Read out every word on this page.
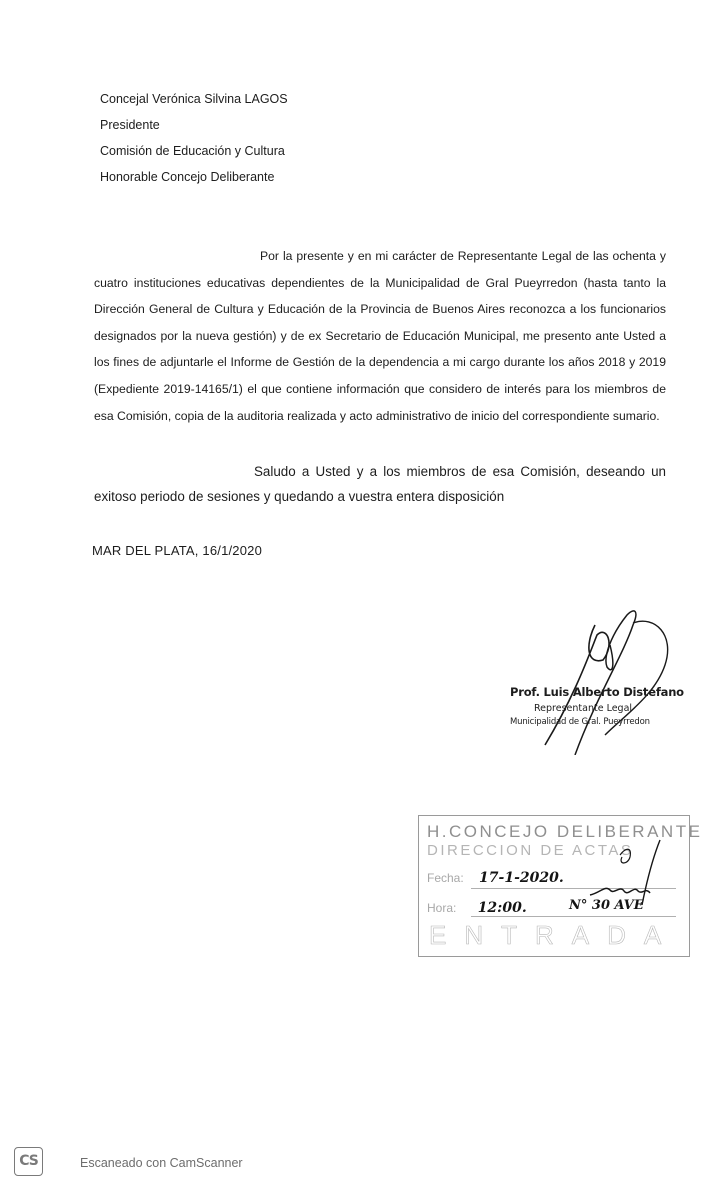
Concejal Verónica Silvina LAGOS
Presidente
Comisión de Educación y Cultura
Honorable Concejo Deliberante

Por la presente y en mi carácter de Representante Legal de las ochenta y cuatro instituciones educativas dependientes de la Municipalidad de Gral Pueyrredon (hasta tanto la Dirección General de Cultura y Educación de la Provincia de Buenos Aires reconozca a los funcionarios designados por la nueva gestión) y de ex Secretario de Educación Municipal, me presento ante Usted a los fines de adjuntarle el Informe de Gestión de la dependencia a mi cargo durante los años 2018 y 2019 (Expediente 2019-14165/1) el que contiene información que considero de interés para los miembros de esa Comisión, copia de la auditoria realizada y acto administrativo de inicio del correspondiente sumario.

Saludo a Usted y a los miembros de esa Comisión, deseando un exitoso periodo de sesiones y quedando a vuestra entera disposición

MAR DEL PLATA, 16/1/2020
Prof. Luis Alberto Distéfano
Representante Legal
Municipalidad de Gral. Pueyrredon
H.CONCEJO DELIBERANTE
DIRECCION DE ACTAS
Fecha: 17-1-2020.
Hora: 12:00.	N° 30 AVE
ENTRADA
CS	Escaneado con CamScanner
